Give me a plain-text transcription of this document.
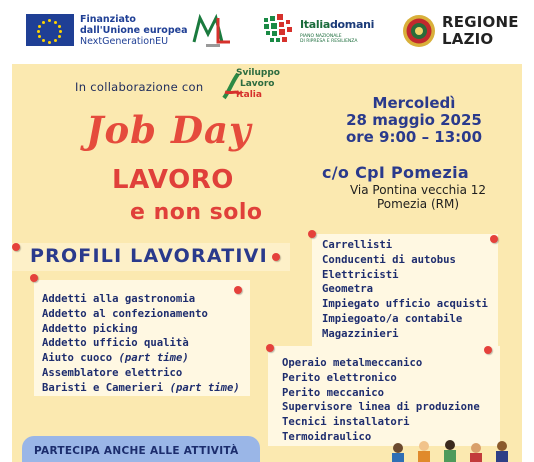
Finanziato
dall'Unione europea
NextGenerationEU
Italiadomani
PIANO NAZIONALE
DI RIPRESA E RESILIENZA
REGIONE
LAZIO
In collaborazione con
Sviluppo
Lavoro
Italia
Job Day
LAVORO
e non solo
Mercoledì
28 maggio 2025
ore 9:00 – 13:00
c/o CpI Pomezia
Via Pontina vecchia 12
Pomezia (RM)
PROFILI LAVORATIVI
Addetti alla gastronomia
Addetto al confezionamento
Addetto picking
Addetto ufficio qualità
Aiuto cuoco (part time)
Assemblatore elettrico
Baristi e Camerieri (part time)
Carrellisti
Conducenti di autobus
Elettricisti
Geometra
Impiegato ufficio acquisti
Impiegoato/a contabile
Magazzinieri
Operaio metalmeccanico
Perito elettronico
Perito meccanico
Supervisore linea di produzione
Tecnici installatori
Termoidraulico
PARTECIPA ANCHE ALLE ATTIVITÀ
